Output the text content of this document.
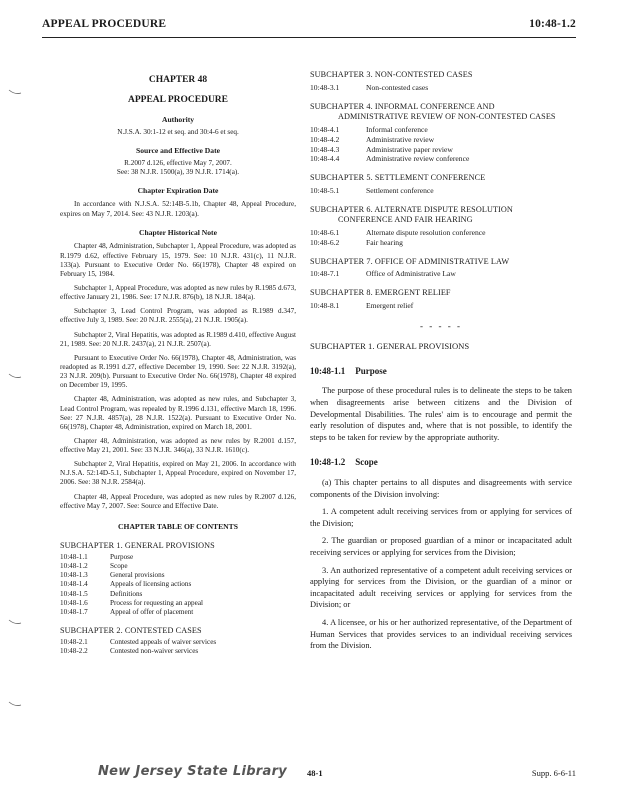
APPEAL PROCEDURE	10:48-1.2
CHAPTER 48
APPEAL PROCEDURE
Authority
N.J.S.A. 30:1-12 et seq. and 30:4-6 et seq.
Source and Effective Date
R.2007 d.126, effective May 7, 2007.
See: 38 N.J.R. 1500(a), 39 N.J.R. 1714(a).
Chapter Expiration Date
In accordance with N.J.S.A. 52:14B-5.1b, Chapter 48, Appeal Procedure, expires on May 7, 2014. See: 43 N.J.R. 1203(a).
Chapter Historical Note
Chapter 48, Administration, Subchapter 1, Appeal Procedure, was adopted as R.1979 d.62, effective February 15, 1979. See: 10 N.J.R. 431(c), 11 N.J.R. 133(a). Pursuant to Executive Order No. 66(1978), Chapter 48 expired on February 15, 1984.
Subchapter 1, Appeal Procedure, was adopted as new rules by R.1985 d.673, effective January 21, 1986. See: 17 N.J.R. 876(b), 18 N.J.R. 184(a).
Subchapter 3, Lead Control Program, was adopted as R.1989 d.347, effective July 3, 1989. See: 20 N.J.R. 2555(a), 21 N.J.R. 1905(a).
Subchapter 2, Viral Hepatitis, was adopted as R.1989 d.410, effective August 21, 1989. See: 20 N.J.R. 2437(a), 21 N.J.R. 2507(a).
Pursuant to Executive Order No. 66(1978), Chapter 48, Administration, was readopted as R.1991 d.27, effective December 19, 1990. See: 22 N.J.R. 3192(a), 23 N.J.R. 209(b). Pursuant to Executive Order No. 66(1978), Chapter 48 expired on December 19, 1995.
Chapter 48, Administration, was adopted as new rules, and Subchapter 3, Lead Control Program, was repealed by R.1996 d.131, effective March 18, 1996. See: 27 N.J.R. 4857(a), 28 N.J.R. 1522(a). Pursuant to Executive Order No. 66(1978), Chapter 48, Administration, expired on March 18, 2001.
Chapter 48, Administration, was adopted as new rules by R.2001 d.157, effective May 21, 2001. See: 33 N.J.R. 346(a), 33 N.J.R. 1610(c).
Subchapter 2, Viral Hepatitis, expired on May 21, 2006. In accordance with N.J.S.A. 52:14D-5.1, Subchapter 1, Appeal Procedure, expired on November 17, 2006. See: 38 N.J.R. 2584(a).
Chapter 48, Appeal Procedure, was adopted as new rules by R.2007 d.126, effective May 7, 2007. See: Source and Effective Date.
CHAPTER TABLE OF CONTENTS
SUBCHAPTER 1. GENERAL PROVISIONS
10:48-1.1	Purpose
10:48-1.2	Scope
10:48-1.3	General provisions
10:48-1.4	Appeals of licensing actions
10:48-1.5	Definitions
10:48-1.6	Process for requesting an appeal
10:48-1.7	Appeal of offer of placement
SUBCHAPTER 2. CONTESTED CASES
10:48-2.1	Contested appeals of waiver services
10:48-2.2	Contested non-waiver services
SUBCHAPTER 3. NON-CONTESTED CASES
10:48-3.1	Non-contested cases
SUBCHAPTER 4. INFORMAL CONFERENCE AND
ADMINISTRATIVE REVIEW OF NON-CONTESTED CASES
10:48-4.1	Informal conference
10:48-4.2	Administrative review
10:48-4.3	Administrative paper review
10:48-4.4	Administrative review conference
SUBCHAPTER 5. SETTLEMENT CONFERENCE
10:48-5.1	Settlement conference
SUBCHAPTER 6. ALTERNATE DISPUTE RESOLUTION
CONFERENCE AND FAIR HEARING
10:48-6.1	Alternate dispute resolution conference
10:48-6.2	Fair hearing
SUBCHAPTER 7. OFFICE OF ADMINISTRATIVE LAW
10:48-7.1	Office of Administrative Law
SUBCHAPTER 8. EMERGENT RELIEF
10:48-8.1	Emergent relief
- - - - -
SUBCHAPTER 1. GENERAL PROVISIONS
10:48-1.1 Purpose
The purpose of these procedural rules is to delineate the steps to be taken when disagreements arise between citizens and the Division of Developmental Disabilities. The rules' aim is to encourage and permit the early resolution of disputes and, where that is not possible, to identify the steps to be taken for review by the appropriate authority.
10:48-1.2 Scope
(a) This chapter pertains to all disputes and disagreements with service components of the Division involving:
1. A competent adult receiving services from or applying for services of the Division;
2. The guardian or proposed guardian of a minor or incapacitated adult receiving services or applying for services from the Division;
3. An authorized representative of a competent adult receiving services or applying for services from the Division, or the guardian of a minor or incapacitated adult receiving services or applying for services from the Division; or
4. A licensee, or his or her authorized representative, of the Department of Human Services that provides services to an individual receiving services from the Division.
New Jersey State Library 48-1	Supp. 6-6-11
